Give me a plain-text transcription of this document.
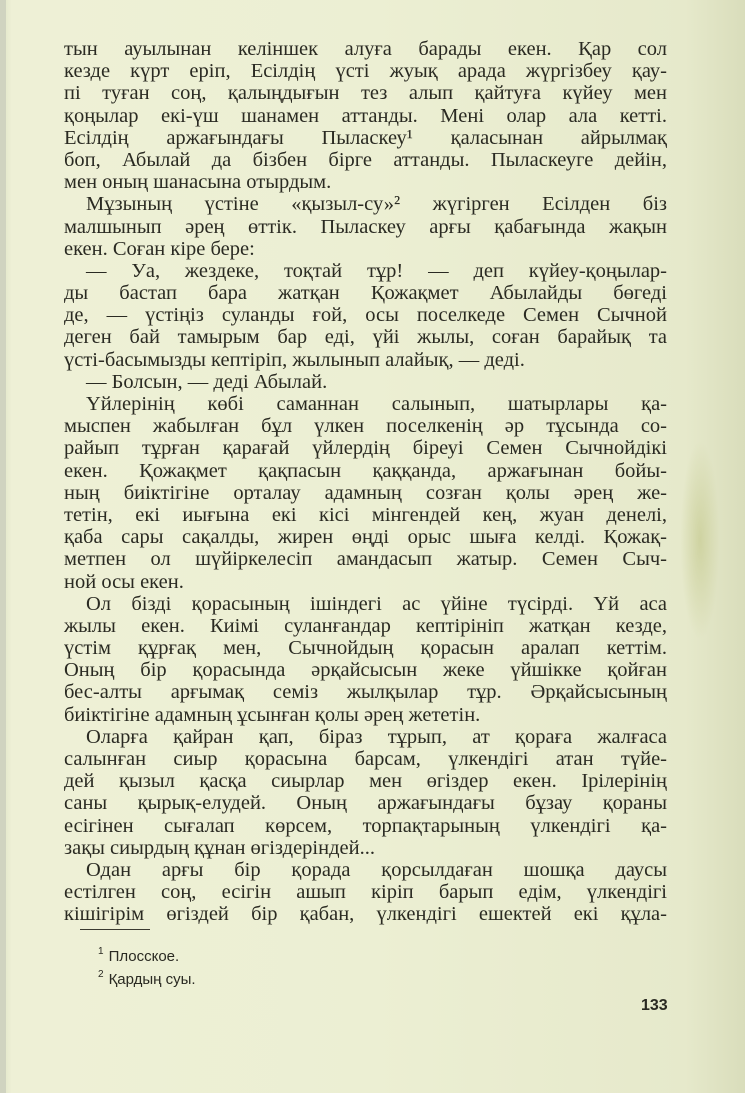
тын ауылынан келіншек алуға барады екен. Қар сол
кезде күрт еріп, Есілдің үсті жуық арада жүргізбеу қау-
пі туған соң, қалыңдығын тез алып қайтуға күйеу мен
қоңылар екі-үш шанамен аттанды. Мені олар ала кетті.
Есілдің аржағындағы Пыласкеу¹ қаласынан айрылмақ
боп, Абылай да бізбен бірге аттанды. Пыласкеуге дейін,
мен оның шанасына отырдым.
Мұзының үстіне «қызыл-су»² жүгірген Есілден біз
малшынып әрең өттік. Пыласкеу арғы қабағында жақын
екен. Соған кіре бере:
— Уа, жездеке, тоқтай тұр! — деп күйеу-қоңылар-
ды бастап бара жатқан Қожақмет Абылайды бөгеді
де, — үстіңіз суланды ғой, осы поселкеде Семен Сычной
деген бай тамырым бар еді, үйі жылы, соған барайық та
үсті-басымызды кептіріп, жылынып алайық, — деді.
— Болсын, — деді Абылай.
Үйлерінің көбі саманнан салынып, шатырлары қа-
мыспен жабылған бұл үлкен поселкенің әр тұсында со-
райып тұрған қарағай үйлердің біреуі Семен Сычнойдікі
екен. Қожақмет қақпасын қаққанда, аржағынан бойы-
ның биіктігіне орталау адамның созған қолы әрең же-
тетін, екі иығына екі кісі мінгендей кең, жуан денелі,
қаба сары сақалды, жирен өңді орыс шыға келді. Қожақ-
метпен ол шүйіркелесіп амандасып жатыр. Семен Сыч-
ной осы екен.
Ол бізді қорасының ішіндегі ас үйіне түсірді. Үй аса
жылы екен. Киімі суланғандар кептірініп жатқан кезде,
үстім құрғақ мен, Сычнойдың қорасын аралап кеттім.
Оның бір қорасында әрқайсысын жеке үйшікке қойған
бес-алты арғымақ семіз жылқылар тұр. Әрқайсысының
биіктігіне адамның ұсынған қолы әрең жететін.
Оларға қайран қап, біраз тұрып, ат қораға жалғаса
салынған сиыр қорасына барсам, үлкендігі атан түйе-
дей қызыл қасқа сиырлар мен өгіздер екен. Ірілерінің
саны қырық-елудей. Оның аржағындағы бұзау қораны
есігінен сығалап көрсем, торпақтарының үлкендігі қа-
зақы сиырдың құнан өгіздеріндей...
Одан арғы бір қорада қорсылдаған шошқа даусы
естілген соң, есігін ашып кіріп барып едім, үлкендігі
кішігірім өгіздей бір қабан, үлкендігі ешектей екі құла-
$^1$ Плосское.
$^2$ Қардың суы.
133
